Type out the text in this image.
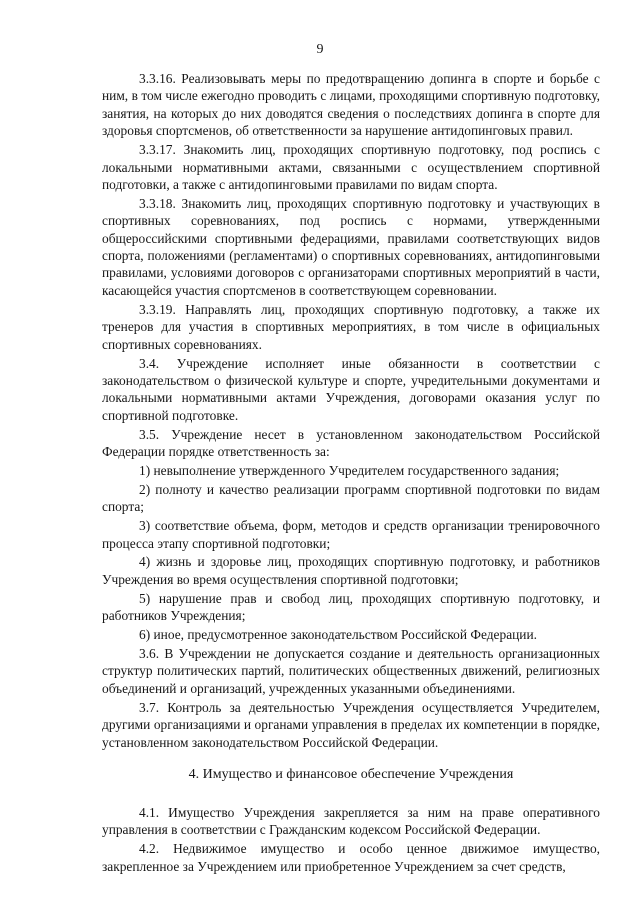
9

3.3.16. Реализовывать меры по предотвращению допинга в спорте и борьбе с ним, в том числе ежегодно проводить с лицами, проходящими спортивную подготовку, занятия, на которых до них доводятся сведения о последствиях допинга в спорте для здоровья спортсменов, об ответственности за нарушение антидопинговых правил.

3.3.17. Знакомить лиц, проходящих спортивную подготовку, под роспись с локальными нормативными актами, связанными с осуществлением спортивной подготовки, а также с антидопинговыми правилами по видам спорта.

3.3.18. Знакомить лиц, проходящих спортивную подготовку и участвующих в спортивных соревнованиях, под роспись с нормами, утвержденными общероссийскими спортивными федерациями, правилами соответствующих видов спорта, положениями (регламентами) о спортивных соревнованиях, антидопинговыми правилами, условиями договоров с организаторами спортивных мероприятий в части, касающейся участия спортсменов в соответствующем соревновании.

3.3.19. Направлять лиц, проходящих спортивную подготовку, а также их тренеров для участия в спортивных мероприятиях, в том числе в официальных спортивных соревнованиях.

3.4. Учреждение исполняет иные обязанности в соответствии с законодательством о физической культуре и спорте, учредительными документами и локальными нормативными актами Учреждения, договорами оказания услуг по спортивной подготовке.

3.5. Учреждение несет в установленном законодательством Российской Федерации порядке ответственность за:

1) невыполнение утвержденного Учредителем государственного задания;

2) полноту и качество реализации программ спортивной подготовки по видам спорта;

3) соответствие объема, форм, методов и средств организации тренировочного процесса этапу спортивной подготовки;

4) жизнь и здоровье лиц, проходящих спортивную подготовку, и работников Учреждения во время осуществления спортивной подготовки;

5) нарушение прав и свобод лиц, проходящих спортивную подготовку, и работников Учреждения;

6) иное, предусмотренное законодательством Российской Федерации.

3.6. В Учреждении не допускается создание и деятельность организационных структур политических партий, политических общественных движений, религиозных объединений и организаций, учрежденных указанными объединениями.

3.7. Контроль за деятельностью Учреждения осуществляется Учредителем, другими организациями и органами управления в пределах их компетенции в порядке, установленном законодательством Российской Федерации.

4. Имущество и финансовое обеспечение Учреждения

4.1. Имущество Учреждения закрепляется за ним на праве оперативного управления в соответствии с Гражданским кодексом Российской Федерации.

4.2. Недвижимое имущество и особо ценное движимое имущество, закрепленное за Учреждением или приобретенное Учреждением за счет средств,
